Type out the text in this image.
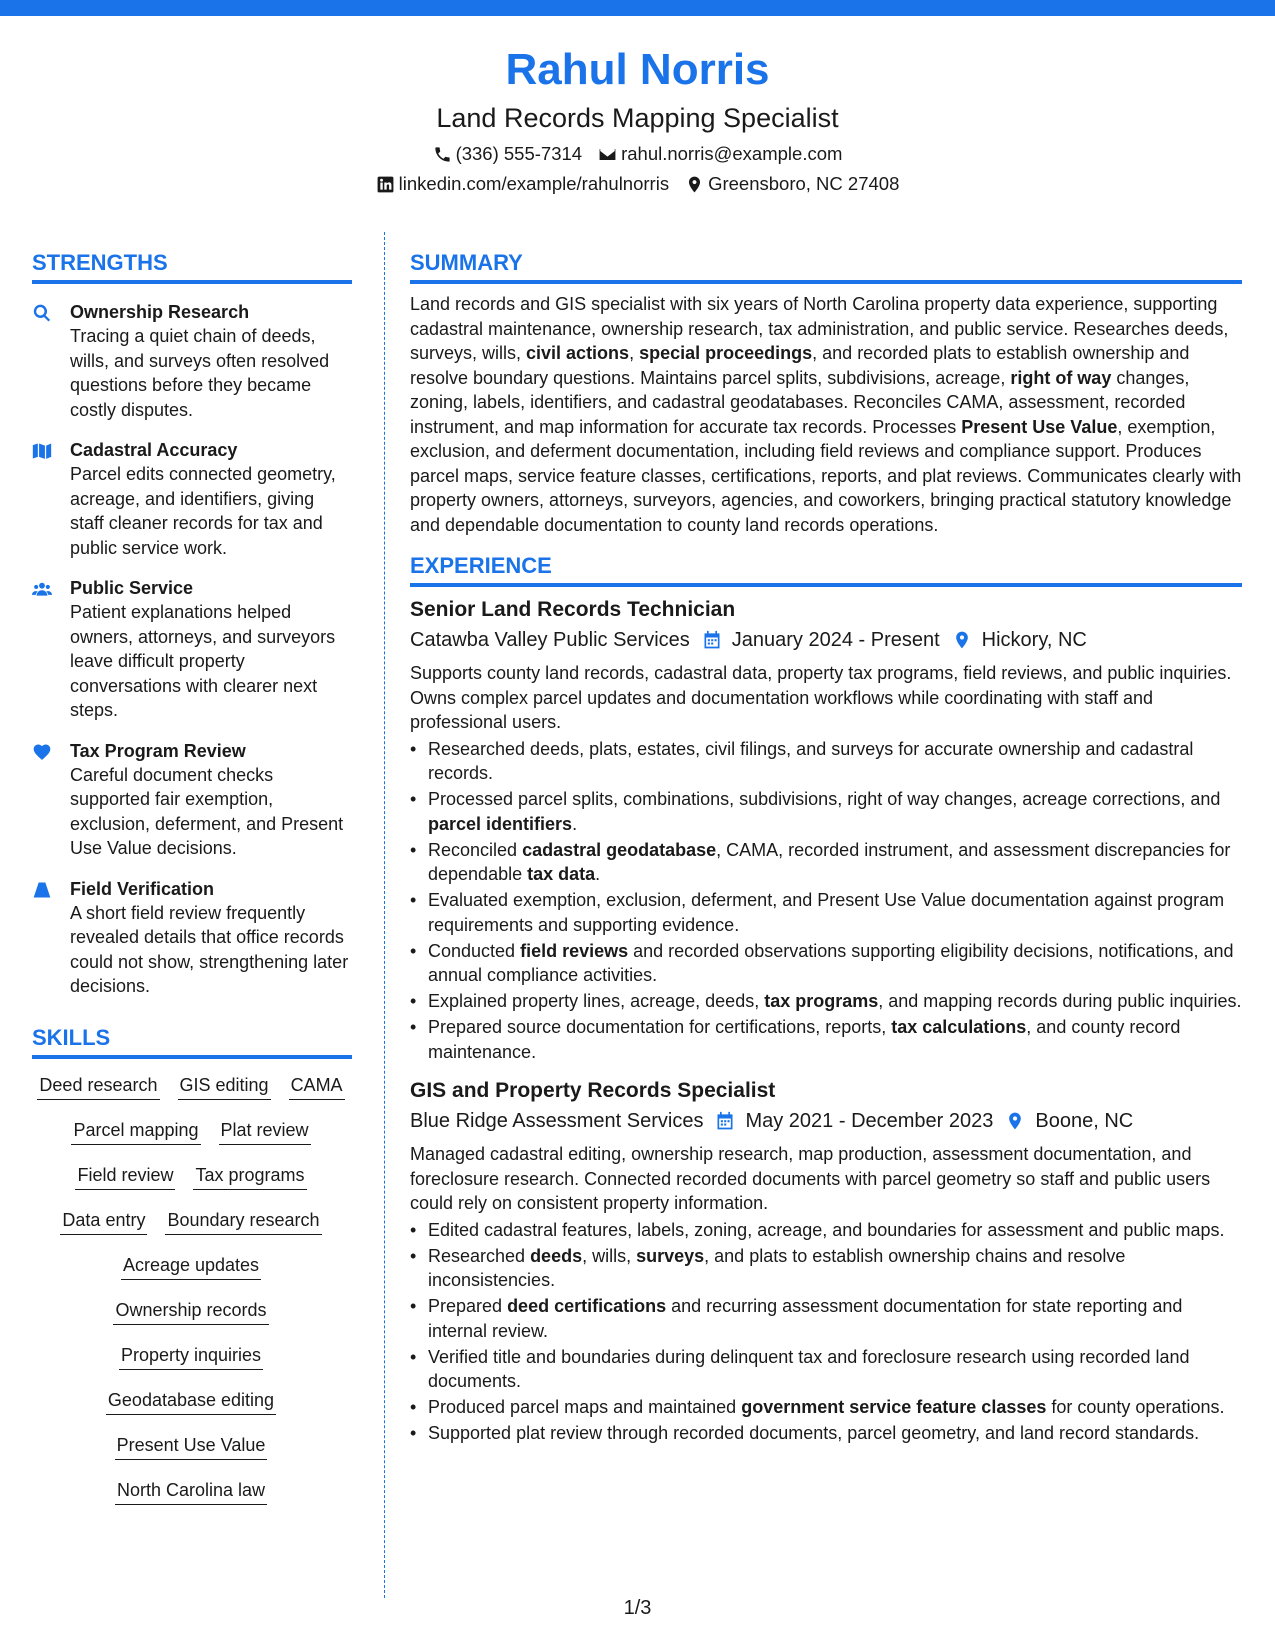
Rahul Norris
Land Records Mapping Specialist
(336) 555-7314 rahul.norris@example.com
linkedin.com/example/rahulnorris Greensboro, NC 27408
STRENGTHS
Ownership Research
Tracing a quiet chain of deeds, wills, and surveys often resolved questions before they became costly disputes.
Cadastral Accuracy
Parcel edits connected geometry, acreage, and identifiers, giving staff cleaner records for tax and public service work.
Public Service
Patient explanations helped owners, attorneys, and surveyors leave difficult property conversations with clearer next steps.
Tax Program Review
Careful document checks supported fair exemption, exclusion, deferment, and Present Use Value decisions.
Field Verification
A short field review frequently revealed details that office records could not show, strengthening later decisions.
SKILLS
Deed research GIS editing CAMA
Parcel mapping Plat review
Field review Tax programs
Data entry Boundary research
Acreage updates
Ownership records
Property inquiries
Geodatabase editing
Present Use Value
North Carolina law
SUMMARY

Land records and GIS specialist with six years of North Carolina property data experience, supporting cadastral maintenance, ownership research, tax administration, and public service. Researches deeds, surveys, wills, civil actions, special proceedings, and recorded plats to establish ownership and resolve boundary questions. Maintains parcel splits, subdivisions, acreage, right of way changes, zoning, labels, identifiers, and cadastral geodatabases. Reconciles CAMA, assessment, recorded instrument, and map information for accurate tax records. Processes Present Use Value, exemption, exclusion, and deferment documentation, including field reviews and compliance support. Produces parcel maps, service feature classes, certifications, reports, and plat reviews. Communicates clearly with property owners, attorneys, surveyors, agencies, and coworkers, bringing practical statutory knowledge and dependable documentation to county land records operations.

EXPERIENCE
Senior Land Records Technician
Catawba Valley Public Services January 2024 - Present Hickory, NC

Supports county land records, cadastral data, property tax programs, field reviews, and public inquiries. Owns complex parcel updates and documentation workflows while coordinating with staff and professional users.

• Researched deeds, plats, estates, civil filings, and surveys for accurate ownership and cadastral records.
• Processed parcel splits, combinations, subdivisions, right of way changes, acreage corrections, and parcel identifiers.
• Reconciled cadastral geodatabase, CAMA, recorded instrument, and assessment discrepancies for dependable tax data.
• Evaluated exemption, exclusion, deferment, and Present Use Value documentation against program requirements and supporting evidence.
• Conducted field reviews and recorded observations supporting eligibility decisions, notifications, and annual compliance activities.
• Explained property lines, acreage, deeds, tax programs, and mapping records during public inquiries.
• Prepared source documentation for certifications, reports, tax calculations, and county record maintenance.
GIS and Property Records Specialist
Blue Ridge Assessment Services May 2021 - December 2023 Boone, NC

Managed cadastral editing, ownership research, map production, assessment documentation, and foreclosure research. Connected recorded documents with parcel geometry so staff and public users could rely on consistent property information.

• Edited cadastral features, labels, zoning, acreage, and boundaries for assessment and public maps.
• Researched deeds, wills, surveys, and plats to establish ownership chains and resolve inconsistencies.
• Prepared deed certifications and recurring assessment documentation for state reporting and internal review.
• Verified title and boundaries during delinquent tax and foreclosure research using recorded land documents.
• Produced parcel maps and maintained government service feature classes for county operations.
• Supported plat review through recorded documents, parcel geometry, and land record standards.
1/3
